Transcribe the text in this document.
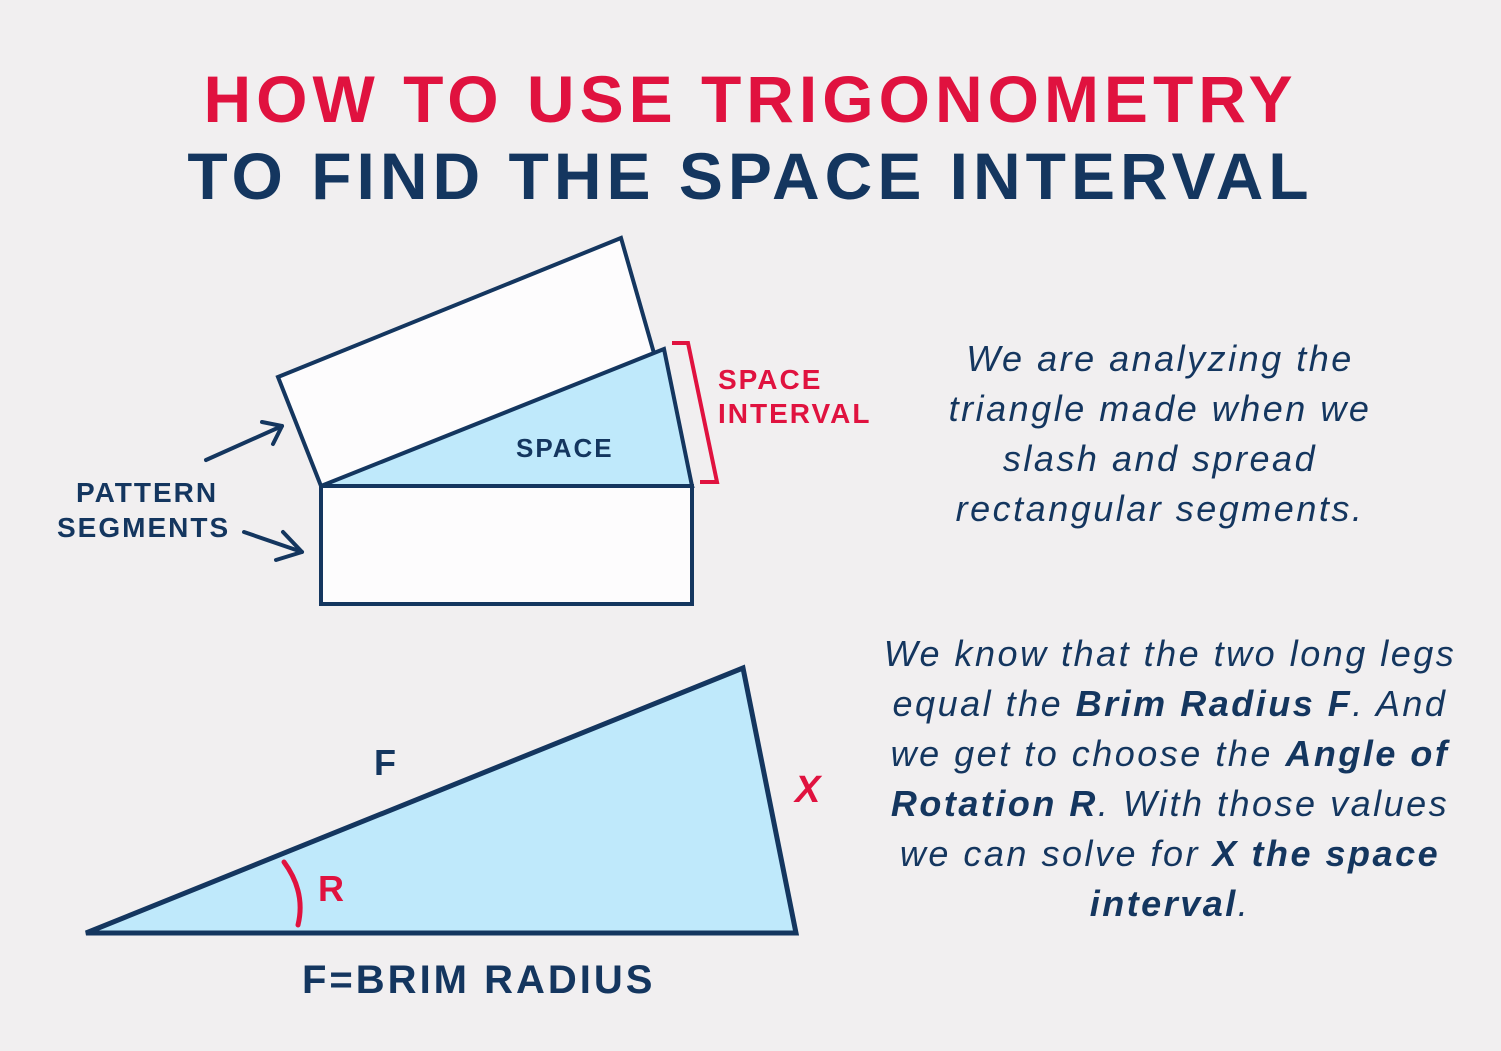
HOW TO USE TRIGONOMETRY
TO FIND THE SPACE INTERVAL
SPACE
SPACE
INTERVAL
PATTERN
SEGMENTS
R
F
X
F=BRIM RADIUS

We are analyzing the triangle made when we slash and spread rectangular segments.

We know that the two long legs equal the Brim Radius F. And we get to choose the Angle of Rotation R. With those values we can solve for X the space interval.
